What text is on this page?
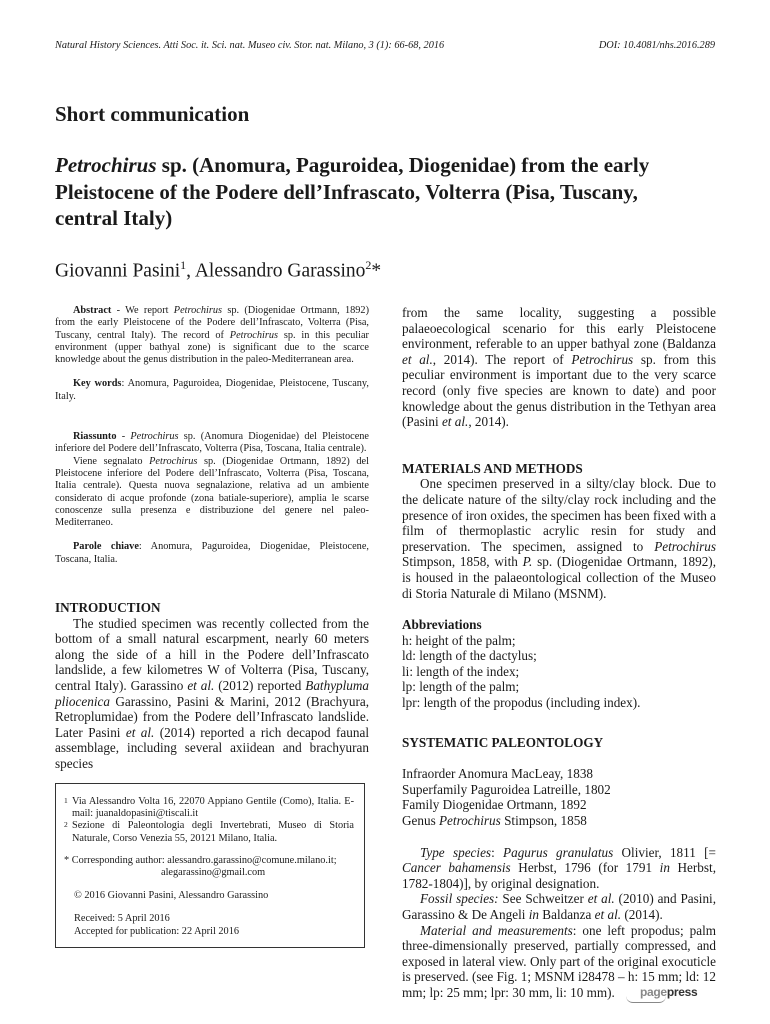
Natural History Sciences. Atti Soc. it. Sci. nat. Museo civ. Stor. nat. Milano, 3 (1): 66-68, 2016	DOI: 10.4081/nhs.2016.289
Short communication
Petrochirus sp. (Anomura, Paguroidea, Diogenidae) from the early Pleistocene of the Podere dell’Infrascato, Volterra (Pisa, Tuscany, central Italy)
Giovanni Pasini$^1$, Alessandro Garassino$^2$*

Abstract - We report Petrochirus sp. (Diogenidae Ortmann, 1892) from the early Pleistocene of the Podere dell’Infrascato, Volterra (Pisa, Tuscany, central Italy). The record of Petrochirus sp. in this peculiar environment (upper bathyal zone) is significant due to the scarce knowledge about the genus distribution in the paleo-Mediterranean area.

Key words: Anomura, Paguroidea, Diogenidae, Pleistocene, Tuscany, Italy.

Riassunto - Petrochirus sp. (Anomura Diogenidae) del Pleistocene inferiore del Podere dell’Infrascato, Volterra (Pisa, Toscana, Italia centrale).

Viene segnalato Petrochirus sp. (Diogenidae Ortmann, 1892) del Pleistocene inferiore del Podere dell’Infrascato, Volterra (Pisa, Toscana, Italia centrale). Questa nuova segnalazione, relativa ad un ambiente considerato di acque profonde (zona batiale-superiore), amplia le scarse conoscenze sulla presenza e distribuzione del genere nel paleo-Mediterraneo.

Parole chiave: Anomura, Paguroidea, Diogenidae, Pleistocene, Toscana, Italia.

INTRODUCTION

The studied specimen was recently collected from the bottom of a small natural escarpment, nearly 60 meters along the side of a hill in the Podere dell’Infrascato landslide, a few kilometres W of Volterra (Pisa, Tuscany, central Italy). Garassino et al. (2012) reported Bathypluma pliocenica Garassino, Pasini & Marini, 2012 (Brachyura, Retroplumidae) from the Podere dell’Infrascato landslide. Later Pasini et al. (2014) reported a rich decapod faunal assemblage, including several axiidean and brachyuran species

1 Via Alessandro Volta 16, 22070 Appiano Gentile (Como), Italia. E-mail: juanaldopasini@tiscali.it
2 Sezione di Paleontologia degli Invertebrati, Museo di Storia Naturale, Corso Venezia 55, 20121 Milano, Italia.
* Corresponding author: alessandro.garassino@comune.milano.it;
alegarassino@gmail.com
© 2016 Giovanni Pasini, Alessandro Garassino
Received: 5 April 2016
Accepted for publication: 22 April 2016

from the same locality, suggesting a possible palaeoecological scenario for this early Pleistocene environment, referable to an upper bathyal zone (Baldanza et al., 2014). The report of Petrochirus sp. from this peculiar environment is important due to the very scarce record (only five species are known to date) and poor knowledge about the genus distribution in the Tethyan area (Pasini et al., 2014).

MATERIALS AND METHODS

One specimen preserved in a silty/clay block. Due to the delicate nature of the silty/clay rock including and the presence of iron oxides, the specimen has been fixed with a film of thermoplastic acrylic resin for study and preservation. The specimen, assigned to Petrochirus Stimpson, 1858, with P. sp. (Diogenidae Ortmann, 1892), is housed in the palaeontological collection of the Museo di Storia Naturale di Milano (MSNM).

Abbreviations
h: height of the palm;
ld: length of the dactylus;
li: length of the index;
lp: length of the palm;
lpr: length of the propodus (including index).
SYSTEMATIC PALEONTOLOGY
Infraorder Anomura MacLeay, 1838
Superfamily Paguroidea Latreille, 1802
Family Diogenidae Ortmann, 1892
Genus Petrochirus Stimpson, 1858

Type species: Pagurus granulatus Olivier, 1811 [= Cancer bahamensis Herbst, 1796 (for 1791 in Herbst, 1782-1804)], by original designation.

Fossil species: See Schweitzer et al. (2010) and Pasini, Garassino & De Angeli in Baldanza et al. (2014).

Material and measurements: one left propodus; palm three-dimensionally preserved, partially compressed, and exposed in lateral view. Only part of the original exocuticle is preserved. (see Fig. 1; MSNM i28478 – h: 15 mm; ld: 12 mm; lp: 25 mm; lpr: 30 mm, li: 10 mm).	pagepress
